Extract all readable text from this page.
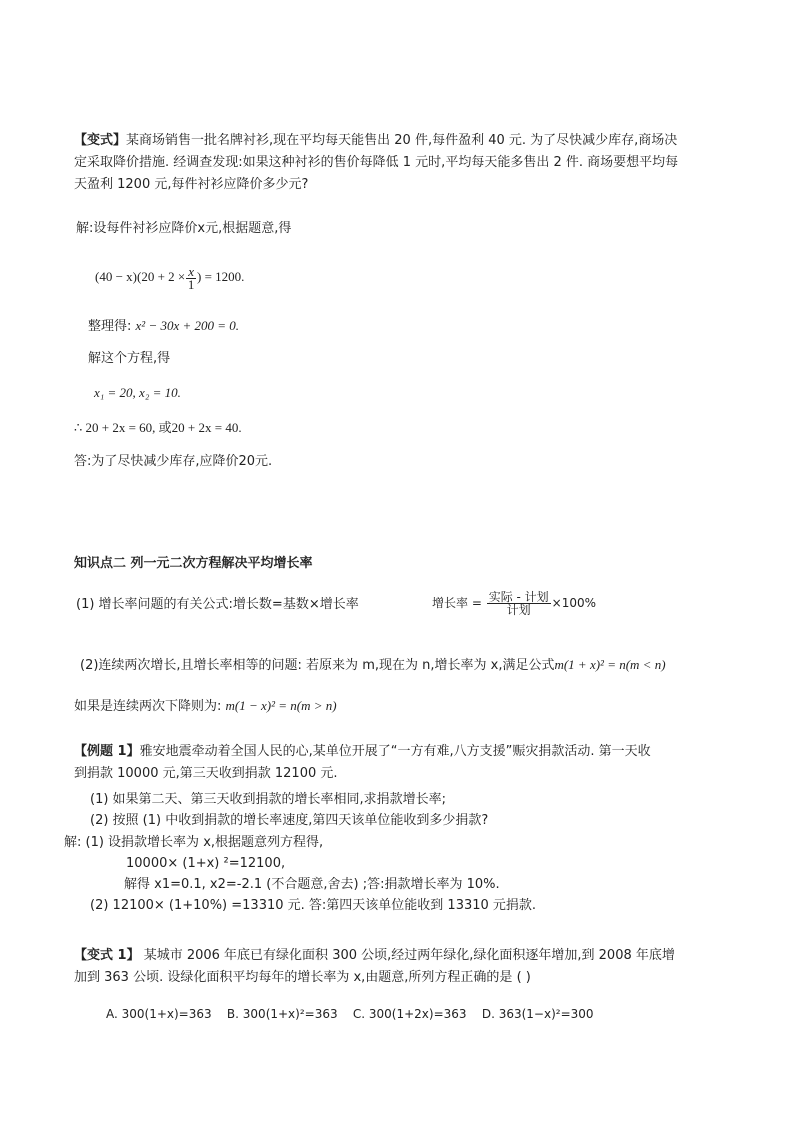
【变式】某商场销售一批名牌衬衫,现在平均每天能售出 20 件,每件盈利 40 元. 为了尽快减少库存,商场决
定采取降价措施. 经调查发现:如果这种衬衫的售价每降低 1 元时,平均每天能多售出 2 件. 商场要想平均每
天盈利 1200 元,每件衬衫应降价多少元?
解:设每件衬衫应降价x元,根据题意,得
$(40 - x)(20 + 2 \times \frac{x}{1}$ ) = 1200.
整理得: x² − 30x + 200 = 0.
解这个方程,得
x₁ = 20, x₂ = 10.
∴ 20 + 2x = 60, 或20 + 2x = 40.
答:为了尽快减少库存,应降价20元.
知识点二 列一元二次方程解决平均增长率
(1) 增长率问题的有关公式:增长数=基数×增长率	增长率 = $\frac{\text{实际 - 计划}}{\text{计划}} \times 100\%$
(2)连续两次增长,且增长率相等的问题: 若原来为 m,现在为 n,增长率为 x,满足公式m(1 + x)² = n(m < n)
如果是连续两次下降则为: m(1 − x)² = n(m > n)
【例题 1】雅安地震牵动着全国人民的心,某单位开展了“一方有难,八方支援”赈灾捐款活动. 第一天收
到捐款 10000 元,第三天收到捐款 12100 元.
(1) 如果第二天、第三天收到捐款的增长率相同,求捐款增长率;
(2) 按照 (1) 中收到捐款的增长率速度,第四天该单位能收到多少捐款?
解: (1) 设捐款增长率为 x,根据题意列方程得,
10000× (1+x) ²=12100,
解得 x1=0.1, x2=-2.1 (不合题意,舍去) ;答:捐款增长率为 10%.
(2) 12100× (1+10%) =13310 元. 答:第四天该单位能收到 13310 元捐款.
【变式 1】 某城市 2006 年底已有绿化面积 300 公顷,经过两年绿化,绿化面积逐年增加,到 2008 年底增
加到 363 公顷. 设绿化面积平均每年的增长率为 x,由题意,所列方程正确的是 ( )
A. 300(1+x)=363 B. 300(1+x)²=363 C. 300(1+2x)=363 D. 363(1−x)²=300
